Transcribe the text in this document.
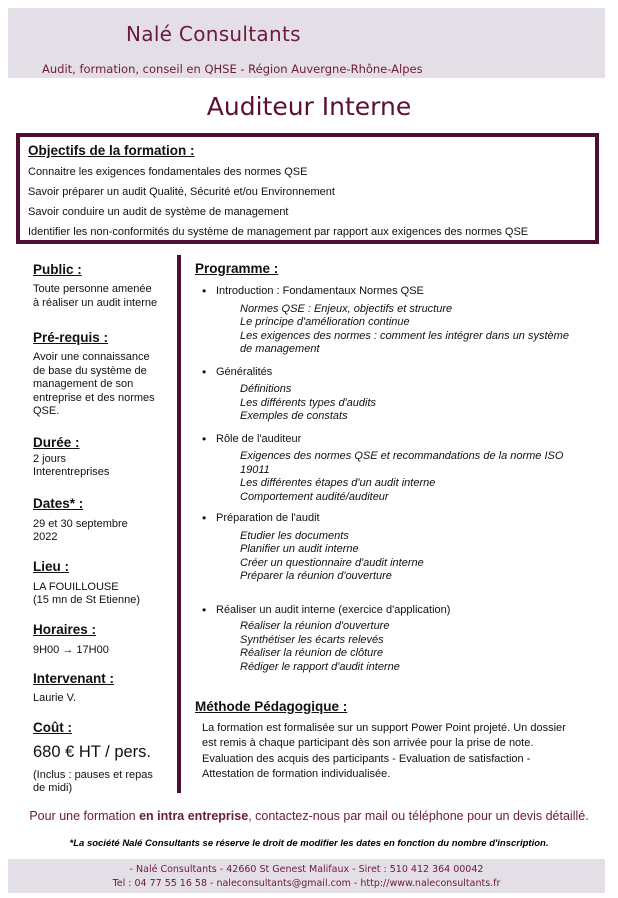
Nalé Consultants
Audit, formation, conseil en QHSE - Région Auvergne-Rhône-Alpes
Auditeur Interne
Objectifs de la formation :
Connaitre les exigences fondamentales des normes QSE
Savoir préparer un audit Qualité, Sécurité et/ou Environnement
Savoir conduire un audit de système de management
Identifier les non-conformités du système de management par rapport aux exigences des normes QSE
Public :
Toute personne amenée
à réaliser un audit interne
Pré-requis :
Avoir une connaissance
de base du système de
management de son
entreprise et des normes
QSE.
Durée :
2 jours
Interentreprises
Dates* :
29 et 30 septembre
2022
Lieu :
LA FOUILLOUSE
(15 mn de St Etienne)
Horaires :
9H00 → 17H00
Intervenant :
Laurie V.
Coût :
680 € HT / pers.
(Inclus : pauses et repas
de midi)
Programme :
• Introduction : Fondamentaux Normes QSE
Normes QSE : Enjeux, objectifs et structure
Le principe d'amélioration continue
Les exigences des normes : comment les intégrer dans un système
de management
• Généralités
Définitions
Les différents types d'audits
Exemples de constats
• Rôle de l'auditeur
Exigences des normes QSE et recommandations de la norme ISO
19011
Les différentes étapes d'un audit interne
Comportement audité/auditeur
• Préparation de l'audit
Etudier les documents
Planifier un audit interne
Créer un questionnaire d'audit interne
Préparer la réunion d'ouverture
• Réaliser un audit interne (exercice d'application)
Réaliser la réunion d'ouverture
Synthétiser les écarts relevés
Réaliser la réunion de clôture
Rédiger le rapport d'audit interne
Méthode Pédagogique :
La formation est formalisée sur un support Power Point projeté. Un dossier
est remis à chaque participant dès son arrivée pour la prise de note.
Evaluation des acquis des participants - Evaluation de satisfaction -
Attestation de formation individualisée.
Pour une formation en intra entreprise, contactez-nous par mail ou téléphone pour un devis détaillé.
*La société Nalé Consultants se réserve le droit de modifier les dates en fonction du nombre d'inscription.
- Nalé Consultants - 42660 St Genest Malifaux - Siret : 510 412 364 00042
Tel : 04 77 55 16 58 - naleconsultants@gmail.com - http://www.naleconsultants.fr
